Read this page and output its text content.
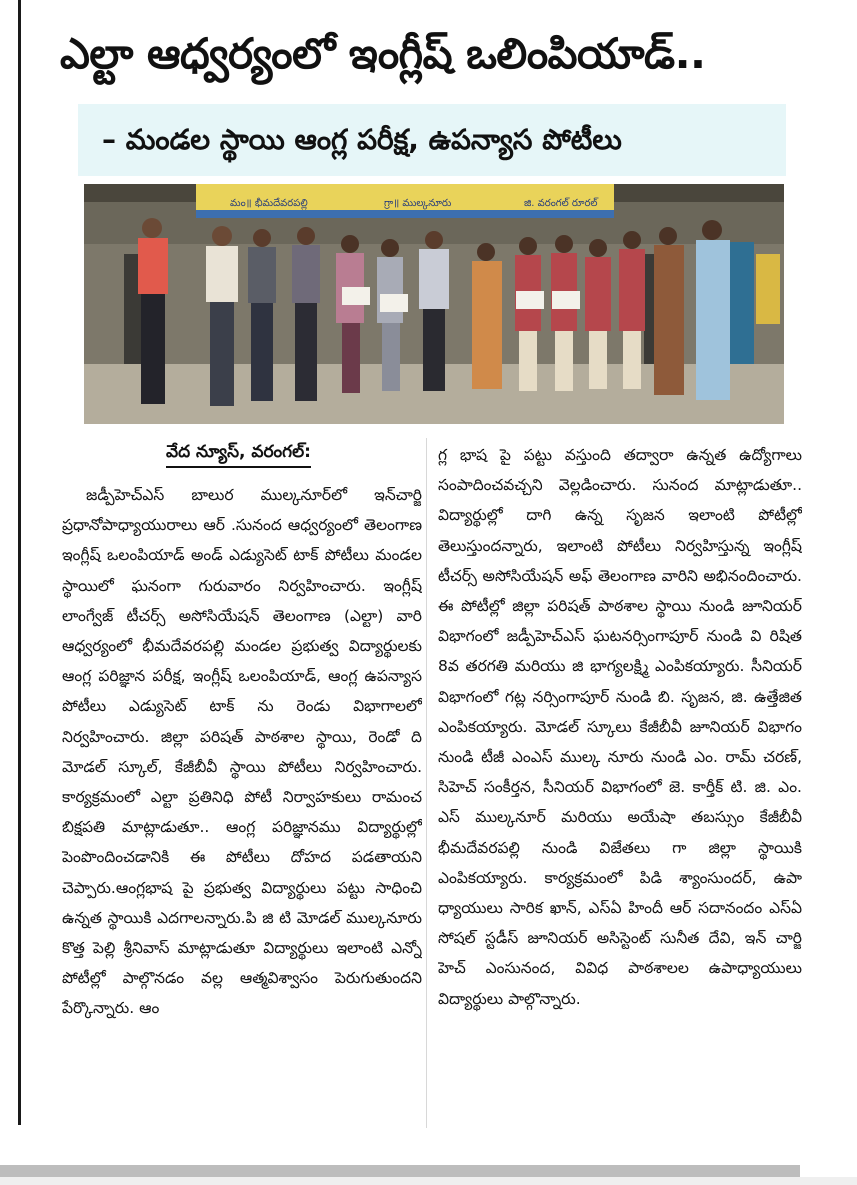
ఎల్టా ఆధ్వర్యంలో ఇంగ్లీష్ ఒలింపియాడ్..
– మండల స్థాయి ఆంగ్ల పరీక్ష, ఉపన్యాస పోటీలు
మం॥ భీమదేవరపల్లి	గ్రా॥ ముల్కనూరు	జి. వరంగల్ రూరల్
వేద న్యూస్, వరంగల్:

జడ్పీహెచ్ఎస్ బాలుర ముల్కనూర్‌లో ఇన్‌చార్జి ప్రధానోపాధ్యాయురాలు ఆర్ .సునంద ఆధ్వర్యంలో తెలంగాణ ఇంగ్లీష్ ఒలంపియాడ్ అండ్ ఎడ్యుసెట్ టాక్ పోటీలు మండల స్థాయిలో ఘనంగా గురువారం నిర్వహించారు. ఇంగ్లీష్ లాంగ్వేజ్ టీచర్స్ అసోసియేషన్ తెలంగాణ (ఎల్టా) వారి ఆధ్వర్యంలో భీమదేవరపల్లి మండల ప్రభుత్వ విద్యార్థులకు ఆంగ్ల పరిజ్ఞాన పరీక్ష, ఇంగ్లీష్ ఒలంపియాడ్, ఆంగ్ల ఉపన్యాస పోటీలు ఎడ్యుసెట్ టాక్ ను రెండు విభాగాలలో నిర్వహించారు. జిల్లా పరిషత్ పాఠశాల స్థాయి, రెండో ది మోడల్ స్కూల్, కేజీబీవీ స్థాయి పోటీలు నిర్వహించారు. కార్యక్రమంలో ఎల్టా ప్రతినిధి పోటీ నిర్వాహకులు రామంచ బిక్షపతి మాట్లాడుతూ.. ఆంగ్ల పరిజ్ఞానము విద్యార్థుల్లో పెంపొందించడానికి ఈ పోటీలు దోహద పడతాయని చెప్పారు.ఆంగ్లభాష పై ప్రభుత్వ విద్యార్థులు పట్టు సాధించి ఉన్నత స్థాయికి ఎదగాలన్నారు.పి జి టి మోడల్ ముల్కనూరు కొత్త పెల్లి శ్రీనివాస్ మాట్లాడుతూ విద్యార్థులు ఇలాంటి ఎన్నో పోటీల్లో పాల్గొనడం వల్ల ఆత్మవిశ్వాసం పెరుగుతుందని పేర్కొన్నారు. ఆం

గ్ల భాష పై పట్టు వస్తుంది తద్వారా ఉన్నత ఉద్యోగాలు సంపాదించవచ్చని వెల్లడించారు. సునంద మాట్లాడుతూ.. విద్యార్థుల్లో దాగి ఉన్న సృజన ఇలాంటి పోటీల్లో తెలుస్తుందన్నారు, ఇలాంటి పోటీలు నిర్వహిస్తున్న ఇంగ్లీష్ టీచర్స్ అసోసియేషన్ అఫ్ తెలంగాణ వారిని అభినందించారు. ఈ పోటీల్లో జిల్లా పరిషత్ పాఠశాల స్థాయి నుండి జూనియర్ విభాగంలో జడ్పీహెచ్ఎస్ ఘటనర్సింగాపూర్ నుండి వి రిషిత 8వ తరగతి మరియు జి భాగ్యలక్ష్మి ఎంపికయ్యారు. సీనియర్ విభాగంలో గట్ల నర్సింగాపూర్ నుండి బి. సృజన, జి. ఉత్తేజిత ఎంపికయ్యారు. మోడల్ స్కూలు కేజీబీవీ జూనియర్ విభాగం నుండి టీజీ ఎంఎస్ ముల్క నూరు నుండి ఎం. రామ్ చరణ్, సిహెచ్ సంకీర్తన, సీనియర్ విభాగంలో జె. కార్తీక్ టి. జి. ఎం. ఎస్ ముల్కనూర్ మరియు అయేషా తబస్సుం కేజీబీవీ భీమదేవరపల్లి నుండి విజేతలు గా జిల్లా స్థాయికి ఎంపికయ్యారు. కార్యక్రమంలో పిడి శ్యాంసుందర్, ఉపా ధ్యాయులు సారిక ఖాన్, ఎస్ఏ హిందీ ఆర్ సదానందం ఎస్ఏ సోషల్ స్టడీస్ జూనియర్ అసిస్టెంట్ సునీత దేవి, ఇన్ చార్జి హెచ్ ఎంసునంద, వివిధ పాఠశాలల ఉపాధ్యాయులు విద్యార్థులు పాల్గొన్నారు.
